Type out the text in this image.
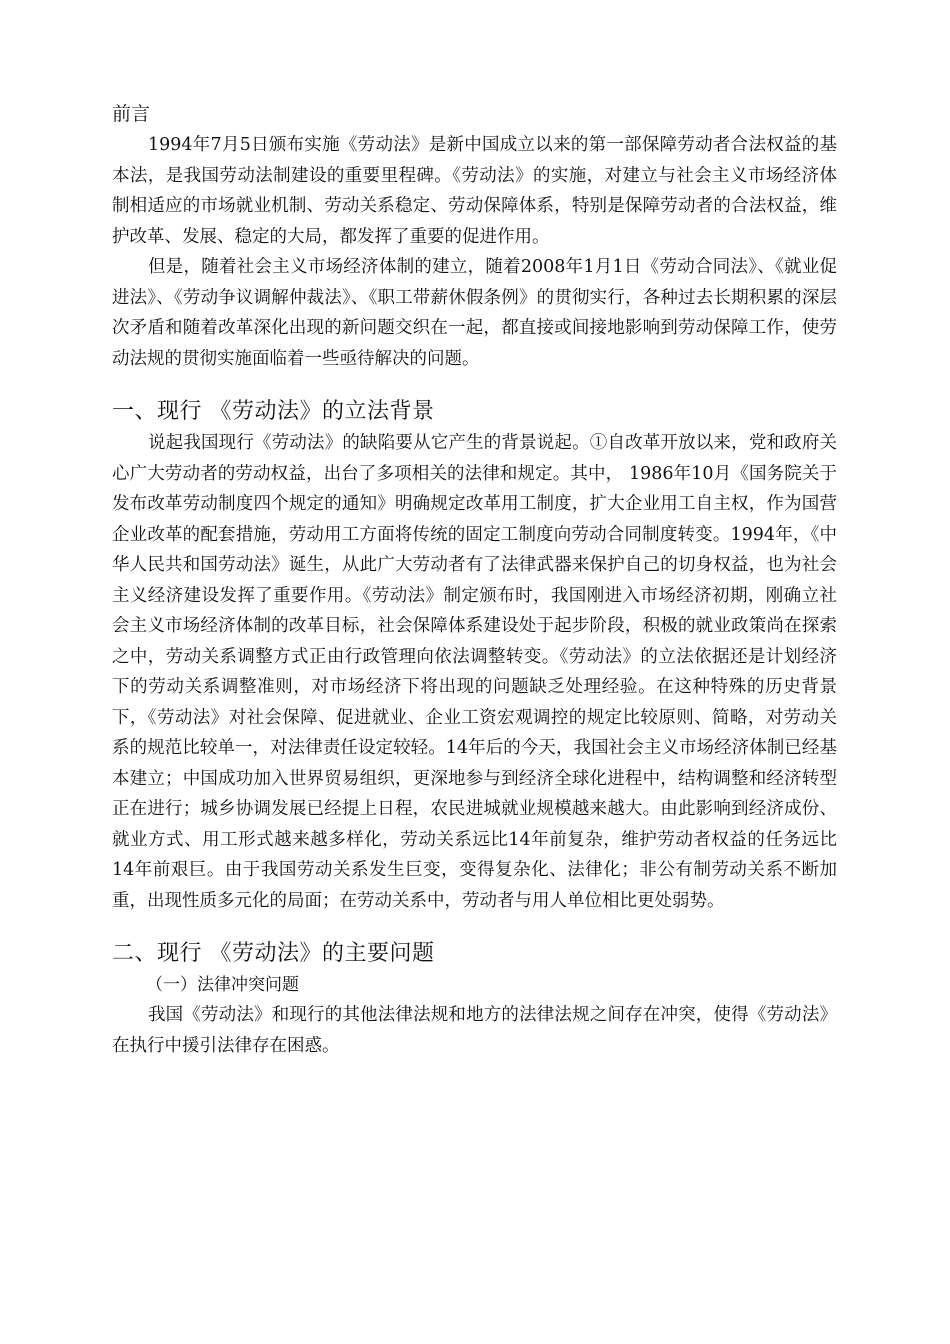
前言

1994年7月5日颁布实施《劳动法》是新中国成立以来的第一部保障劳动者合法权益的基本法，是我国劳动法制建设的重要里程碑。《劳动法》的实施，对建立与社会主义市场经济体制相适应的市场就业机制、劳动关系稳定、劳动保障体系，特别是保障劳动者的合法权益，维护改革、发展、稳定的大局，都发挥了重要的促进作用。

但是，随着社会主义市场经济体制的建立，随着2008年1月1日《劳动合同法》、《就业促进法》、《劳动争议调解仲裁法》、《职工带薪休假条例》的贯彻实行，各种过去长期积累的深层次矛盾和随着改革深化出现的新问题交织在一起，都直接或间接地影响到劳动保障工作，使劳动法规的贯彻实施面临着一些亟待解决的问题。

一、现行 《劳动法》的立法背景

说起我国现行《劳动法》的缺陷要从它产生的背景说起。①自改革开放以来，党和政府关心广大劳动者的劳动权益，出台了多项相关的法律和规定。其中， 1986年10月《国务院关于发布改革劳动制度四个规定的通知》明确规定改革用工制度，扩大企业用工自主权，作为国营企业改革的配套措施，劳动用工方面将传统的固定工制度向劳动合同制度转变。1994年，《中华人民共和国劳动法》诞生，从此广大劳动者有了法律武器来保护自己的切身权益，也为社会主义经济建设发挥了重要作用。《劳动法》制定颁布时，我国刚进入市场经济初期，刚确立社会主义市场经济体制的改革目标，社会保障体系建设处于起步阶段，积极的就业政策尚在探索之中，劳动关系调整方式正由行政管理向依法调整转变。《劳动法》的立法依据还是计划经济下的劳动关系调整准则，对市场经济下将出现的问题缺乏处理经验。在这种特殊的历史背景下，《劳动法》对社会保障、促进就业、企业工资宏观调控的规定比较原则、简略，对劳动关系的规范比较单一，对法律责任设定较轻。14年后的今天，我国社会主义市场经济体制已经基本建立；中国成功加入世界贸易组织，更深地参与到经济全球化进程中，结构调整和经济转型正在进行；城乡协调发展已经提上日程，农民进城就业规模越来越大。由此影响到经济成份、就业方式、用工形式越来越多样化，劳动关系远比14年前复杂，维护劳动者权益的任务远比14年前艰巨。由于我国劳动关系发生巨变，变得复杂化、法律化；非公有制劳动关系不断加重，出现性质多元化的局面；在劳动关系中，劳动者与用人单位相比更处弱势。

二、现行 《劳动法》的主要问题

（一）法律冲突问题

我国《劳动法》和现行的其他法律法规和地方的法律法规之间存在冲突，使得《劳动法》在执行中援引法律存在困惑。
